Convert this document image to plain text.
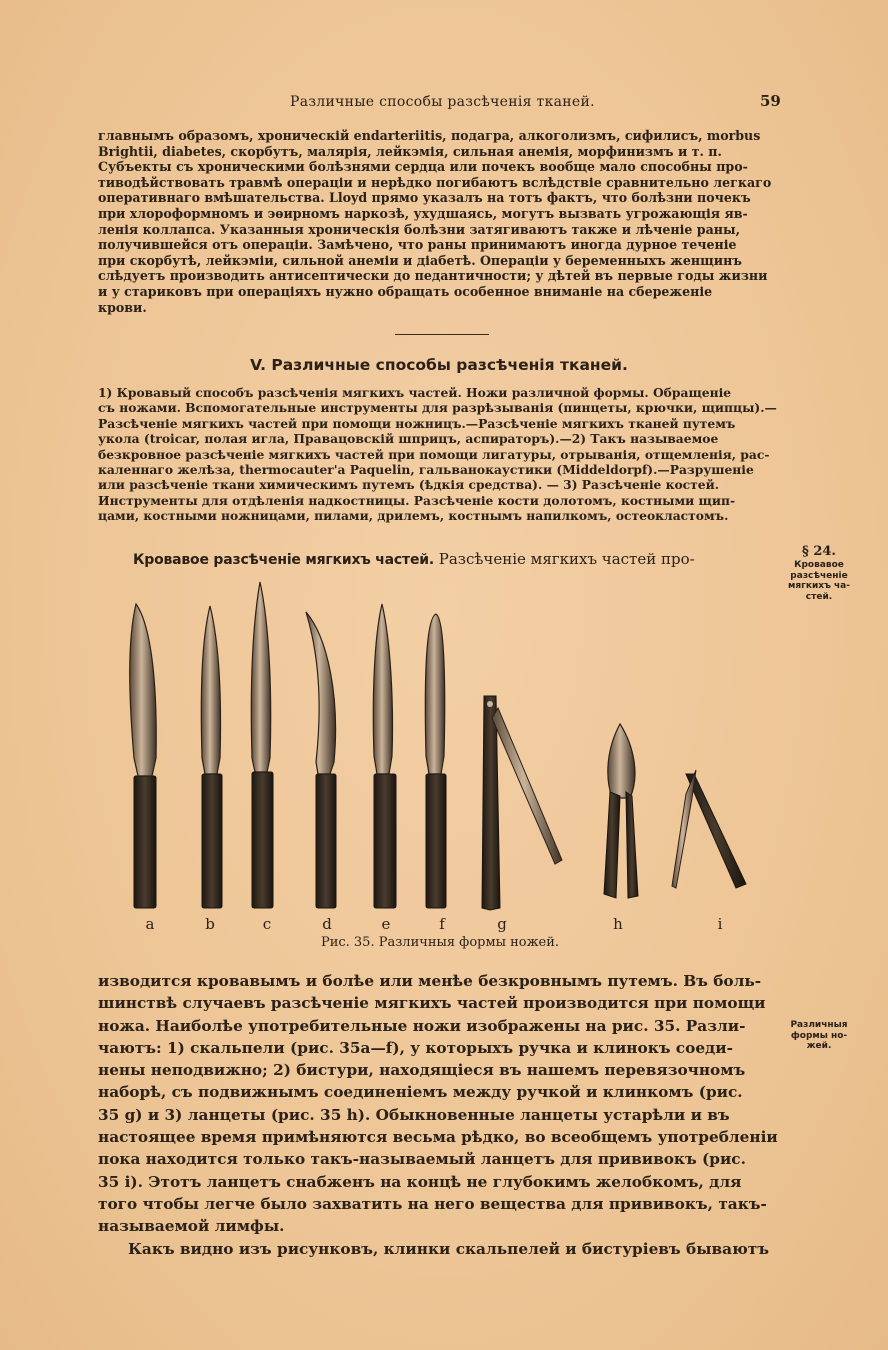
Различные способы разсѣченія тканей.	59
главнымъ образомъ, хроническій endarteriitis, подагра, алкоголизмъ, сифилисъ, morbus
Brightii, diabetes, скорбутъ, малярія, лейкэмія, сильная анемія, морфинизмъ и т. п.
Субъекты съ хроническими болѣзнями сердца или почекъ вообще мало способны про-
тиводѣйствовать травмѣ операціи и нерѣдко погибаютъ вслѣдствіе сравнительно легкаго
оперативнаго вмѣшательства. Lloyd прямо указалъ на тотъ фактъ, что болѣзни почекъ
при хлороформномъ и эѳирномъ наркозѣ, ухудшаясь, могутъ вызвать угрожающія яв-
ленія коллапса. Указанныя хроническія болѣзни затягиваютъ также и лѣченіе раны,
получившейся отъ операціи. Замѣчено, что раны принимаютъ иногда дурное теченіе
при скорбутѣ, лейкэміи, сильной анеміи и діабетѣ. Операціи у беременныхъ женщинъ
слѣдуетъ производить антисептически до педантичности; у дѣтей въ первые годы жизни
и у стариковъ при операціяхъ нужно обращать особенное вниманіе на сбереженіе
крови.
V. Различные способы разсѣченія тканей.
1) Кровавый способъ разсѣченія мягкихъ частей. Ножи различной формы. Обращеніе
съ ножами. Вспомогательные инструменты для разрѣзыванія (пинцеты, крючки, щипцы).—
Разсѣченіе мягкихъ частей при помощи ножницъ.—Разсѣченіе мягкихъ тканей путемъ
укола (troicar, полая игла, Правацовскій шприцъ, аспираторъ).—2) Такъ называемое
безкровное разсѣченіе мягкихъ частей при помощи лигатуры, отрыванія, отщемленія, рас-
каленнаго желѣза, thermocauter'a Paquelin, гальванокаустики (Middeldorpf).—Разрушеніе
или разсѣченіе ткани химическимъ путемъ (ѣдкія средства). — 3) Разсѣченіе костей.
Инструменты для отдѣленія надкостницы. Разсѣченіе кости долотомъ, костными щип-
цами, костными ножницами, пилами, дрилемъ, костнымъ напилкомъ, остеокластомъ.
Кровавое разсѣченіе мягкихъ частей. Разсѣченіе мягкихъ частей про-	§ 24.
Кровавое
разсѣченіе
мягкихъ ча-
стей.
a	b	c	d	e	f	g	h	i
Рис. 35. Различныя формы ножей.
изводится кровавымъ и болѣе или менѣе безкровнымъ путемъ. Въ боль-
шинствѣ случаевъ разсѣченіе мягкихъ частей производится при помощи
ножа. Наиболѣе употребительные ножи изображены на рис. 35. Разли-
чаютъ: 1) скальпели (рис. 35a—f), у которыхъ ручка и клинокъ соеди-
нены неподвижно; 2) бистури, находящіеся въ нашемъ перевязочномъ
наборѣ, съ подвижнымъ соединеніемъ между ручкой и клинкомъ (рис.
35 g) и 3) ланцеты (рис. 35 h). Обыкновенные ланцеты устарѣли и въ
настоящее время примѣняются весьма рѣдко, во всеобщемъ употребленіи
пока находится только такъ-называемый ланцетъ для прививокъ (рис.
35 i). Этотъ ланцетъ снабженъ на концѣ не глубокимъ желобкомъ, для
того чтобы легче было захватить на него вещества для прививокъ, такъ-
называемой лимфы.
Какъ видно изъ рисунковъ, клинки скальпелей и бистуріевъ бываютъ
Различныя
формы но-
жей.
